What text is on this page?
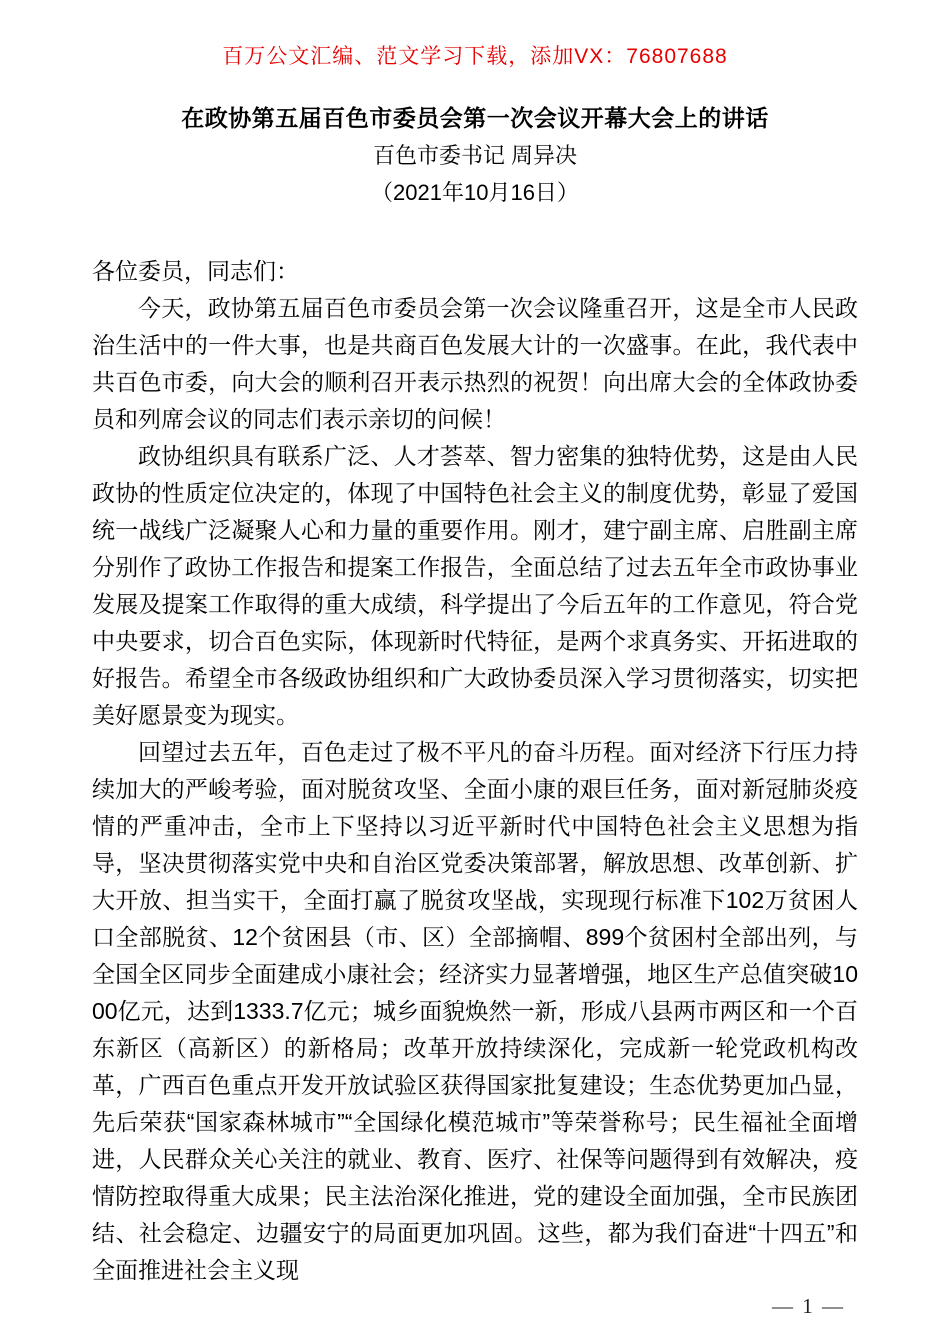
百万公文汇编、范文学习下载，添加VX：76807688
在政协第五届百色市委员会第一次会议开幕大会上的讲话
百色市委书记 周异决
（2021年10月16日）

各位委员，同志们：

今天，政协第五届百色市委员会第一次会议隆重召开，这是全市人民政治生活中的一件大事，也是共商百色发展大计的一次盛事。在此，我代表中共百色市委，向大会的顺利召开表示热烈的祝贺！向出席大会的全体政协委员和列席会议的同志们表示亲切的问候！

政协组织具有联系广泛、人才荟萃、智力密集的独特优势，这是由人民政协的性质定位决定的，体现了中国特色社会主义的制度优势，彰显了爱国统一战线广泛凝聚人心和力量的重要作用。刚才，建宁副主席、启胜副主席分别作了政协工作报告和提案工作报告，全面总结了过去五年全市政协事业发展及提案工作取得的重大成绩，科学提出了今后五年的工作意见，符合党中央要求，切合百色实际，体现新时代特征，是两个求真务实、开拓进取的好报告。希望全市各级政协组织和广大政协委员深入学习贯彻落实，切实把美好愿景变为现实。

回望过去五年，百色走过了极不平凡的奋斗历程。面对经济下行压力持续加大的严峻考验，面对脱贫攻坚、全面小康的艰巨任务，面对新冠肺炎疫情的严重冲击，全市上下坚持以习近平新时代中国特色社会主义思想为指导，坚决贯彻落实党中央和自治区党委决策部署，解放思想、改革创新、扩大开放、担当实干，全面打赢了脱贫攻坚战，实现现行标准下102万贫困人口全部脱贫、12个贫困县（市、区）全部摘帽、899个贫困村全部出列，与全国全区同步全面建成小康社会；经济实力显著增强，地区生产总值突破1000亿元，达到1333.7亿元；城乡面貌焕然一新，形成八县两市两区和一个百东新区（高新区）的新格局；改革开放持续深化，完成新一轮党政机构改革，广西百色重点开发开放试验区获得国家批复建设；生态优势更加凸显，先后荣获“国家森林城市”“全国绿化模范城市”等荣誉称号；民生福祉全面增进，人民群众关心关注的就业、教育、医疗、社保等问题得到有效解决，疫情防控取得重大成果；民主法治深化推进，党的建设全面加强，全市民族团结、社会稳定、边疆安宁的局面更加巩固。这些，都为我们奋进“十四五”和全面推进社会主义现

— 1 —
